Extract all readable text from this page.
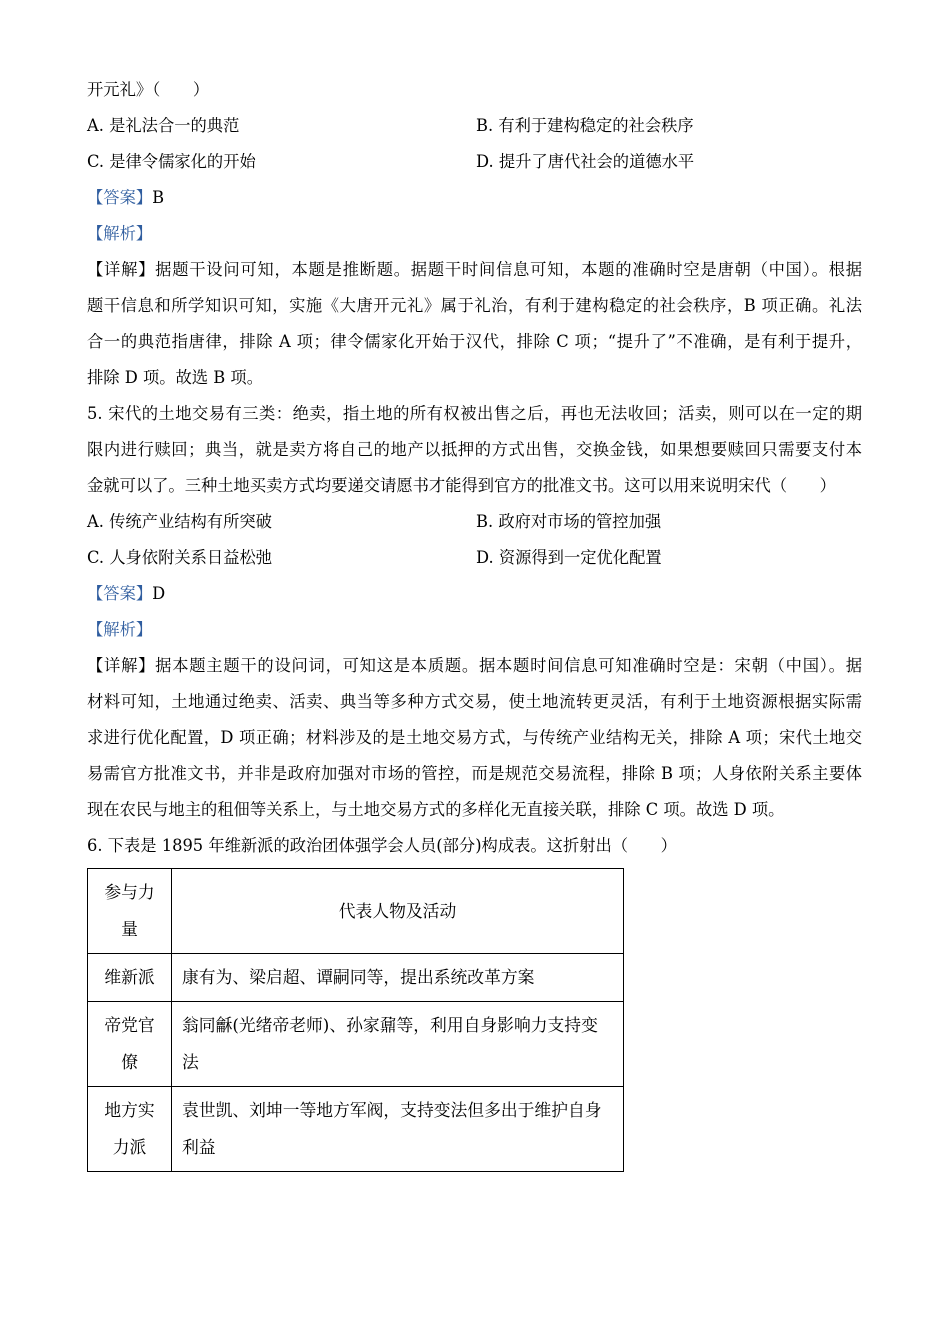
开元礼》（　　）
A. 是礼法合一的典范	B. 有利于建构稳定的社会秩序
C. 是律令儒家化的开始	D. 提升了唐代社会的道德水平
【答案】B
【解析】
【详解】据题干设问可知，本题是推断题。据题干时间信息可知，本题的准确时空是唐朝（中国）。根据
题干信息和所学知识可知，实施《大唐开元礼》属于礼治，有利于建构稳定的社会秩序，B 项正确。礼法
合一的典范指唐律，排除 A 项；律令儒家化开始于汉代，排除 C 项；“提升了”不准确，是有利于提升，
排除 D 项。故选 B 项。
5. 宋代的土地交易有三类：绝卖，指土地的所有权被出售之后，再也无法收回；活卖，则可以在一定的期
限内进行赎回；典当，就是卖方将自己的地产以抵押的方式出售，交换金钱，如果想要赎回只需要支付本
金就可以了。三种土地买卖方式均要递交请愿书才能得到官方的批准文书。这可以用来说明宋代（　　）
A. 传统产业结构有所突破	B. 政府对市场的管控加强
C. 人身依附关系日益松弛	D. 资源得到一定优化配置
【答案】D
【解析】
【详解】据本题主题干的设问词，可知这是本质题。据本题时间信息可知准确时空是：宋朝（中国）。据
材料可知，土地通过绝卖、活卖、典当等多种方式交易，使土地流转更灵活，有利于土地资源根据实际需
求进行优化配置，D 项正确；材料涉及的是土地交易方式，与传统产业结构无关，排除 A 项；宋代土地交
易需官方批准文书，并非是政府加强对市场的管控，而是规范交易流程，排除 B 项；人身依附关系主要体
现在农民与地主的租佃等关系上，与土地交易方式的多样化无直接关联，排除 C 项。故选 D 项。
6. 下表是 1895 年维新派的政治团体强学会人员(部分)构成表。这折射出（　　）
参与力量	代表人物及活动

维新派	康有为、梁启超、谭嗣同等，提出系统改革方案

帝党官僚	翁同龢(光绪帝老师)、孙家鼐等，利用自身影响力支持变法

地方实力派	袁世凯、刘坤一等地方军阀，支持变法但多出于维护自身利益
